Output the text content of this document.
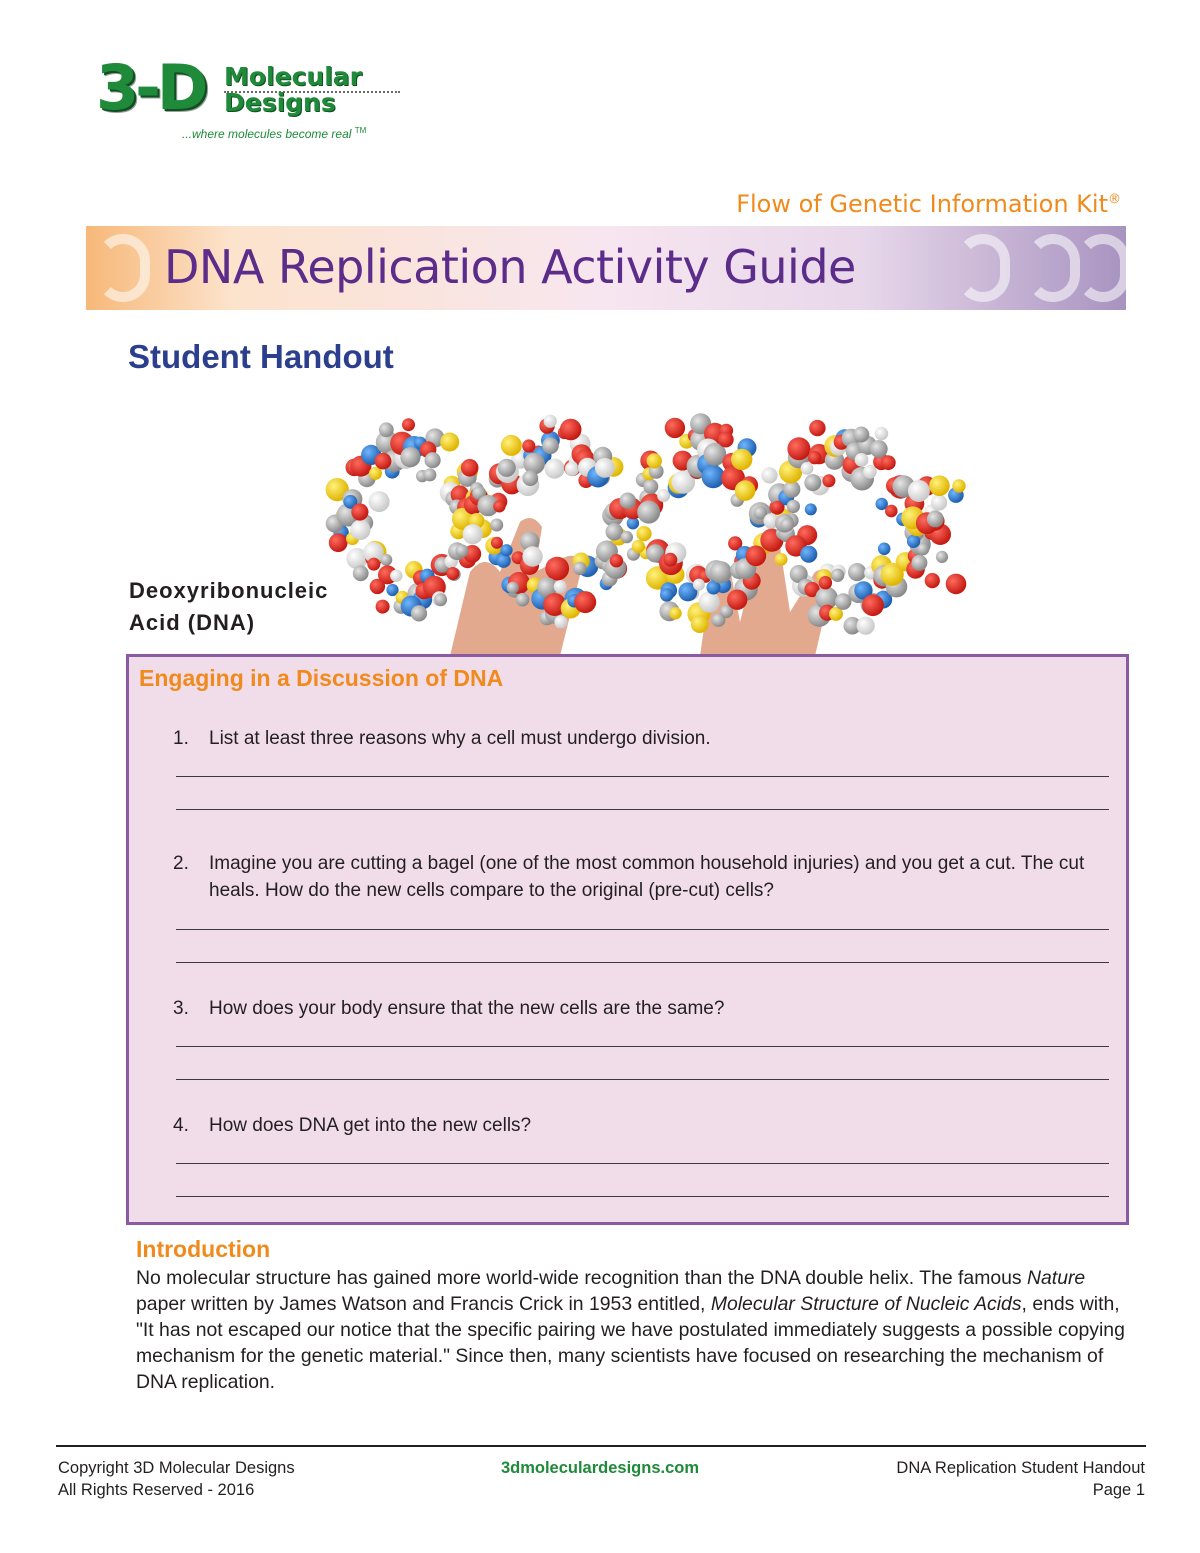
3-D Molecular
Designs
...where molecules become real ™
Flow of Genetic Information Kit®
DNA Replication Activity Guide
Student Handout
Deoxyribonucleic
Acid (DNA)
Engaging in a Discussion of DNA
1. List at least three reasons why a cell must undergo division.
2. Imagine you are cutting a bagel (one of the most common household injuries) and you get a cut. The cut heals. How do the new cells compare to the original (pre-cut) cells?
3. How does your body ensure that the new cells are the same?
4. How does DNA get into the new cells?
Introduction
No molecular structure has gained more world-wide recognition than the DNA double helix. The famous Nature paper written by James Watson and Francis Crick in 1953 entitled, Molecular Structure of Nucleic Acids, ends with, "It has not escaped our notice that the specific pairing we have postulated immediately suggests a possible copying mechanism for the genetic material." Since then, many scientists have focused on researching the mechanism of DNA replication.
Copyright 3D Molecular Designs
All Rights Reserved - 2016
3dmoleculardesigns.com	DNA Replication Student Handout
Page 1
